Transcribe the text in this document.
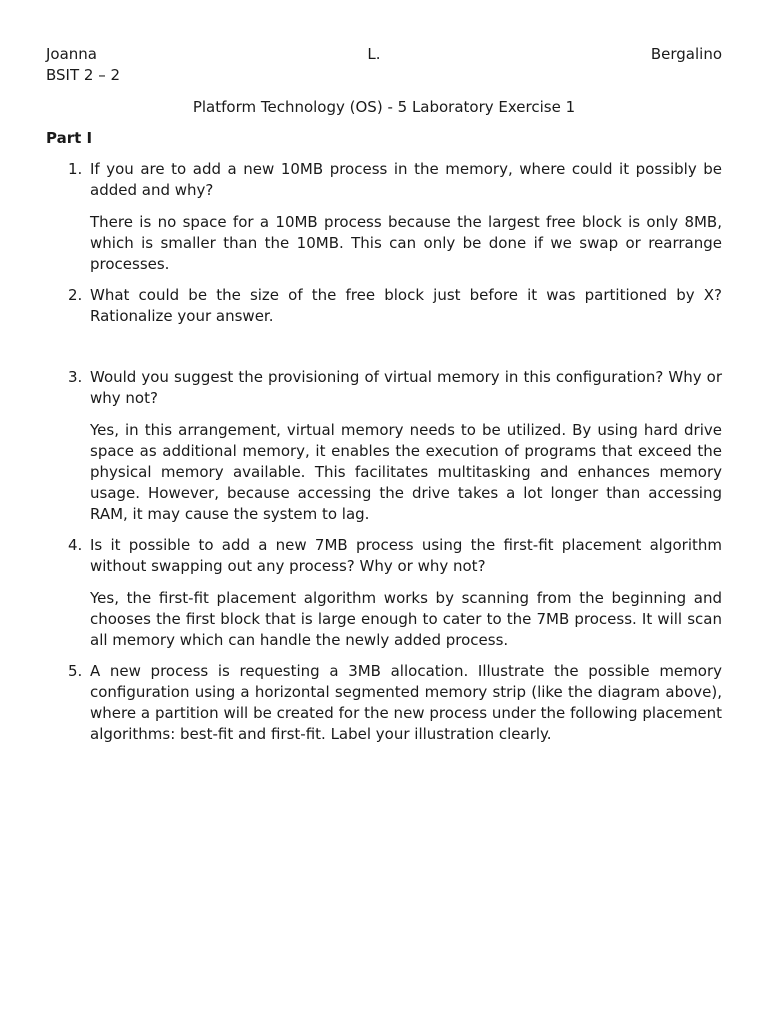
Joanna	L.	Bergalino
BSIT 2 – 2
Platform Technology (OS) - 5 Laboratory Exercise 1
Part I
1. If you are to add a new 10MB process in the memory, where could it possibly be added and why?

There is no space for a 10MB process because the largest free block is only 8MB, which is smaller than the 10MB. This can only be done if we swap or rearrange processes.

2. What could be the size of the free block just before it was partitioned by X? Rationalize your answer.

3. Would you suggest the provisioning of virtual memory in this configuration? Why or why not?

Yes, in this arrangement, virtual memory needs to be utilized. By using hard drive space as additional memory, it enables the execution of programs that exceed the physical memory available. This facilitates multitasking and enhances memory usage. However, because accessing the drive takes a lot longer than accessing RAM, it may cause the system to lag.

4. Is it possible to add a new 7MB process using the first-fit placement algorithm without swapping out any process? Why or why not?

Yes, the first-fit placement algorithm works by scanning from the beginning and chooses the first block that is large enough to cater to the 7MB process. It will scan all memory which can handle the newly added process.

5. A new process is requesting a 3MB allocation. Illustrate the possible memory configuration using a horizontal segmented memory strip (like the diagram above), where a partition will be created for the new process under the following placement algorithms: best-fit and first-fit. Label your illustration clearly.
